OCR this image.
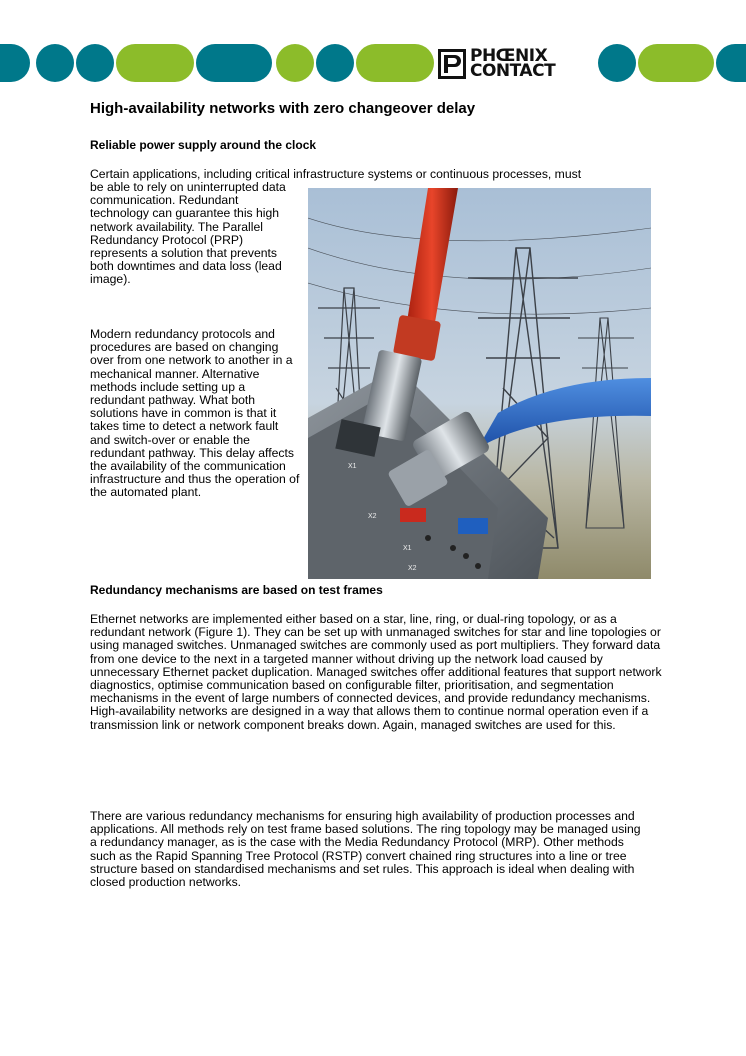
PHŒNIX
CONTACT
High-availability networks with zero changeover delay
Reliable power supply around the clock

Certain applications, including critical infrastructure systems or continuous processes, must

be able to rely on uninterrupted data communication. Redundant technology can guarantee this high network availability. The Parallel Redundancy Protocol (PRP) represents a solution that prevents both downtimes and data loss (lead image).

Modern redundancy protocols and procedures are based on changing over from one network to another in a mechanical manner. Alternative methods include setting up a redundant pathway. What both solutions have in common is that it takes time to detect a network fault and switch-over or enable the redundant pathway. This delay affects the availability of the communication infrastructure and thus the operation of the automated plant.

Redundancy mechanisms are based on test frames

Ethernet networks are implemented either based on a star, line, ring, or dual-ring topology, or as a redundant network (Figure 1). They can be set up with unmanaged switches for star and line topologies or using managed switches. Unmanaged switches are commonly used as port multipliers. They forward data from one device to the next in a targeted manner without driving up the network load caused by unnecessary Ethernet packet duplication. Managed switches offer additional features that support network diagnostics, optimise communication based on configurable filter, prioritisation, and segmentation mechanisms in the event of large numbers of connected devices, and provide redundancy mechanisms. High-availability networks are designed in a way that allows them to continue normal operation even if a transmission link or network component breaks down. Again, managed switches are used for this.

There are various redundancy mechanisms for ensuring high availability of production processes and applications. All methods rely on test frame based solutions. The ring topology may be managed using a redundancy manager, as is the case with the Media Redundancy Protocol (MRP). Other methods such as the Rapid Spanning Tree Protocol (RSTP) convert chained ring structures into a line or tree structure based on standardised mechanisms and set rules. This approach is ideal when dealing with closed production networks.

X1
X2
X1
X2
